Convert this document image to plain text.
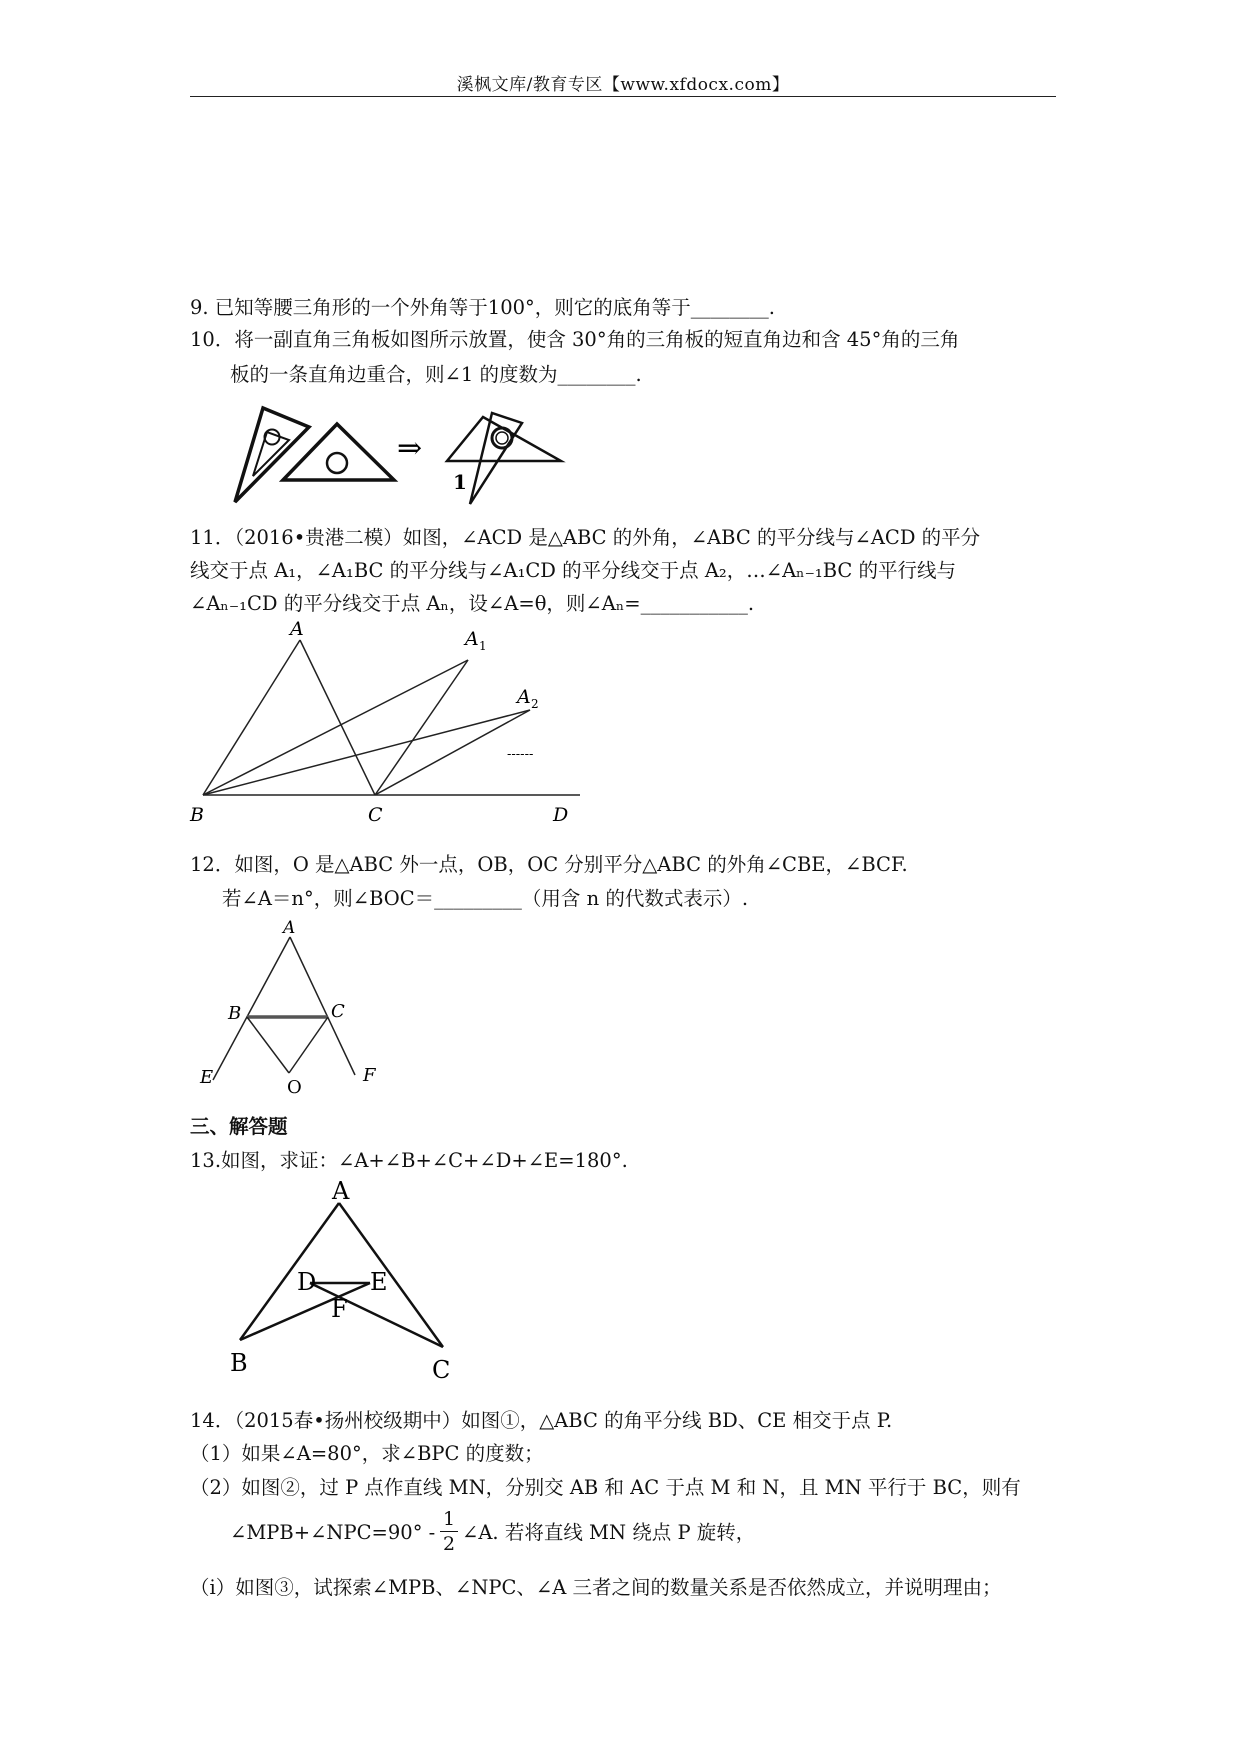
溪枫文库/教育专区【www.xfdocx.com】
9. 已知等腰三角形的一个外角等于100°，则它的底角等于________.
10．将一副直角三角板如图所示放置，使含 30°角的三角板的短直角边和含 45°角的三角
板的一条直角边重合，则∠1 的度数为________.
⇒
1
11．（2016•贵港二模）如图，∠ACD 是△ABC 的外角，∠ABC 的平分线与∠ACD 的平分
线交于点 A₁，∠A₁BC 的平分线与∠A₁CD 的平分线交于点 A₂，…∠Aₙ₋₁BC 的平行线与
∠Aₙ₋₁CD 的平分线交于点 Aₙ，设∠A=θ，则∠Aₙ=___________.
A	A 1
A 2
------
B	C	D
12．如图，O 是△ABC 外一点，OB，OC 分别平分△ABC 的外角∠CBE，∠BCF.
若∠A＝n°，则∠BOC＝_________（用含 n 的代数式表示）.
A
B	C
E	O
F
三、解答题
13.如图，求证：∠A+∠B+∠C+∠D+∠E=180°.
A
D E
F
B	C
14．（2015春•扬州校级期中）如图①，△ABC 的角平分线 BD、CE 相交于点 P.
（1）如果∠A=80°，求∠BPC 的度数；
（2）如图②，过 P 点作直线 MN，分别交 AB 和 AC 于点 M 和 N，且 MN 平行于 BC，则有
∠MPB+∠NPC=90° -
1
2 ∠A. 若将直线 MN 绕点 P 旋转，
（ⅰ）如图③，试探索∠MPB、∠NPC、∠A 三者之间的数量关系是否依然成立，并说明理由；
